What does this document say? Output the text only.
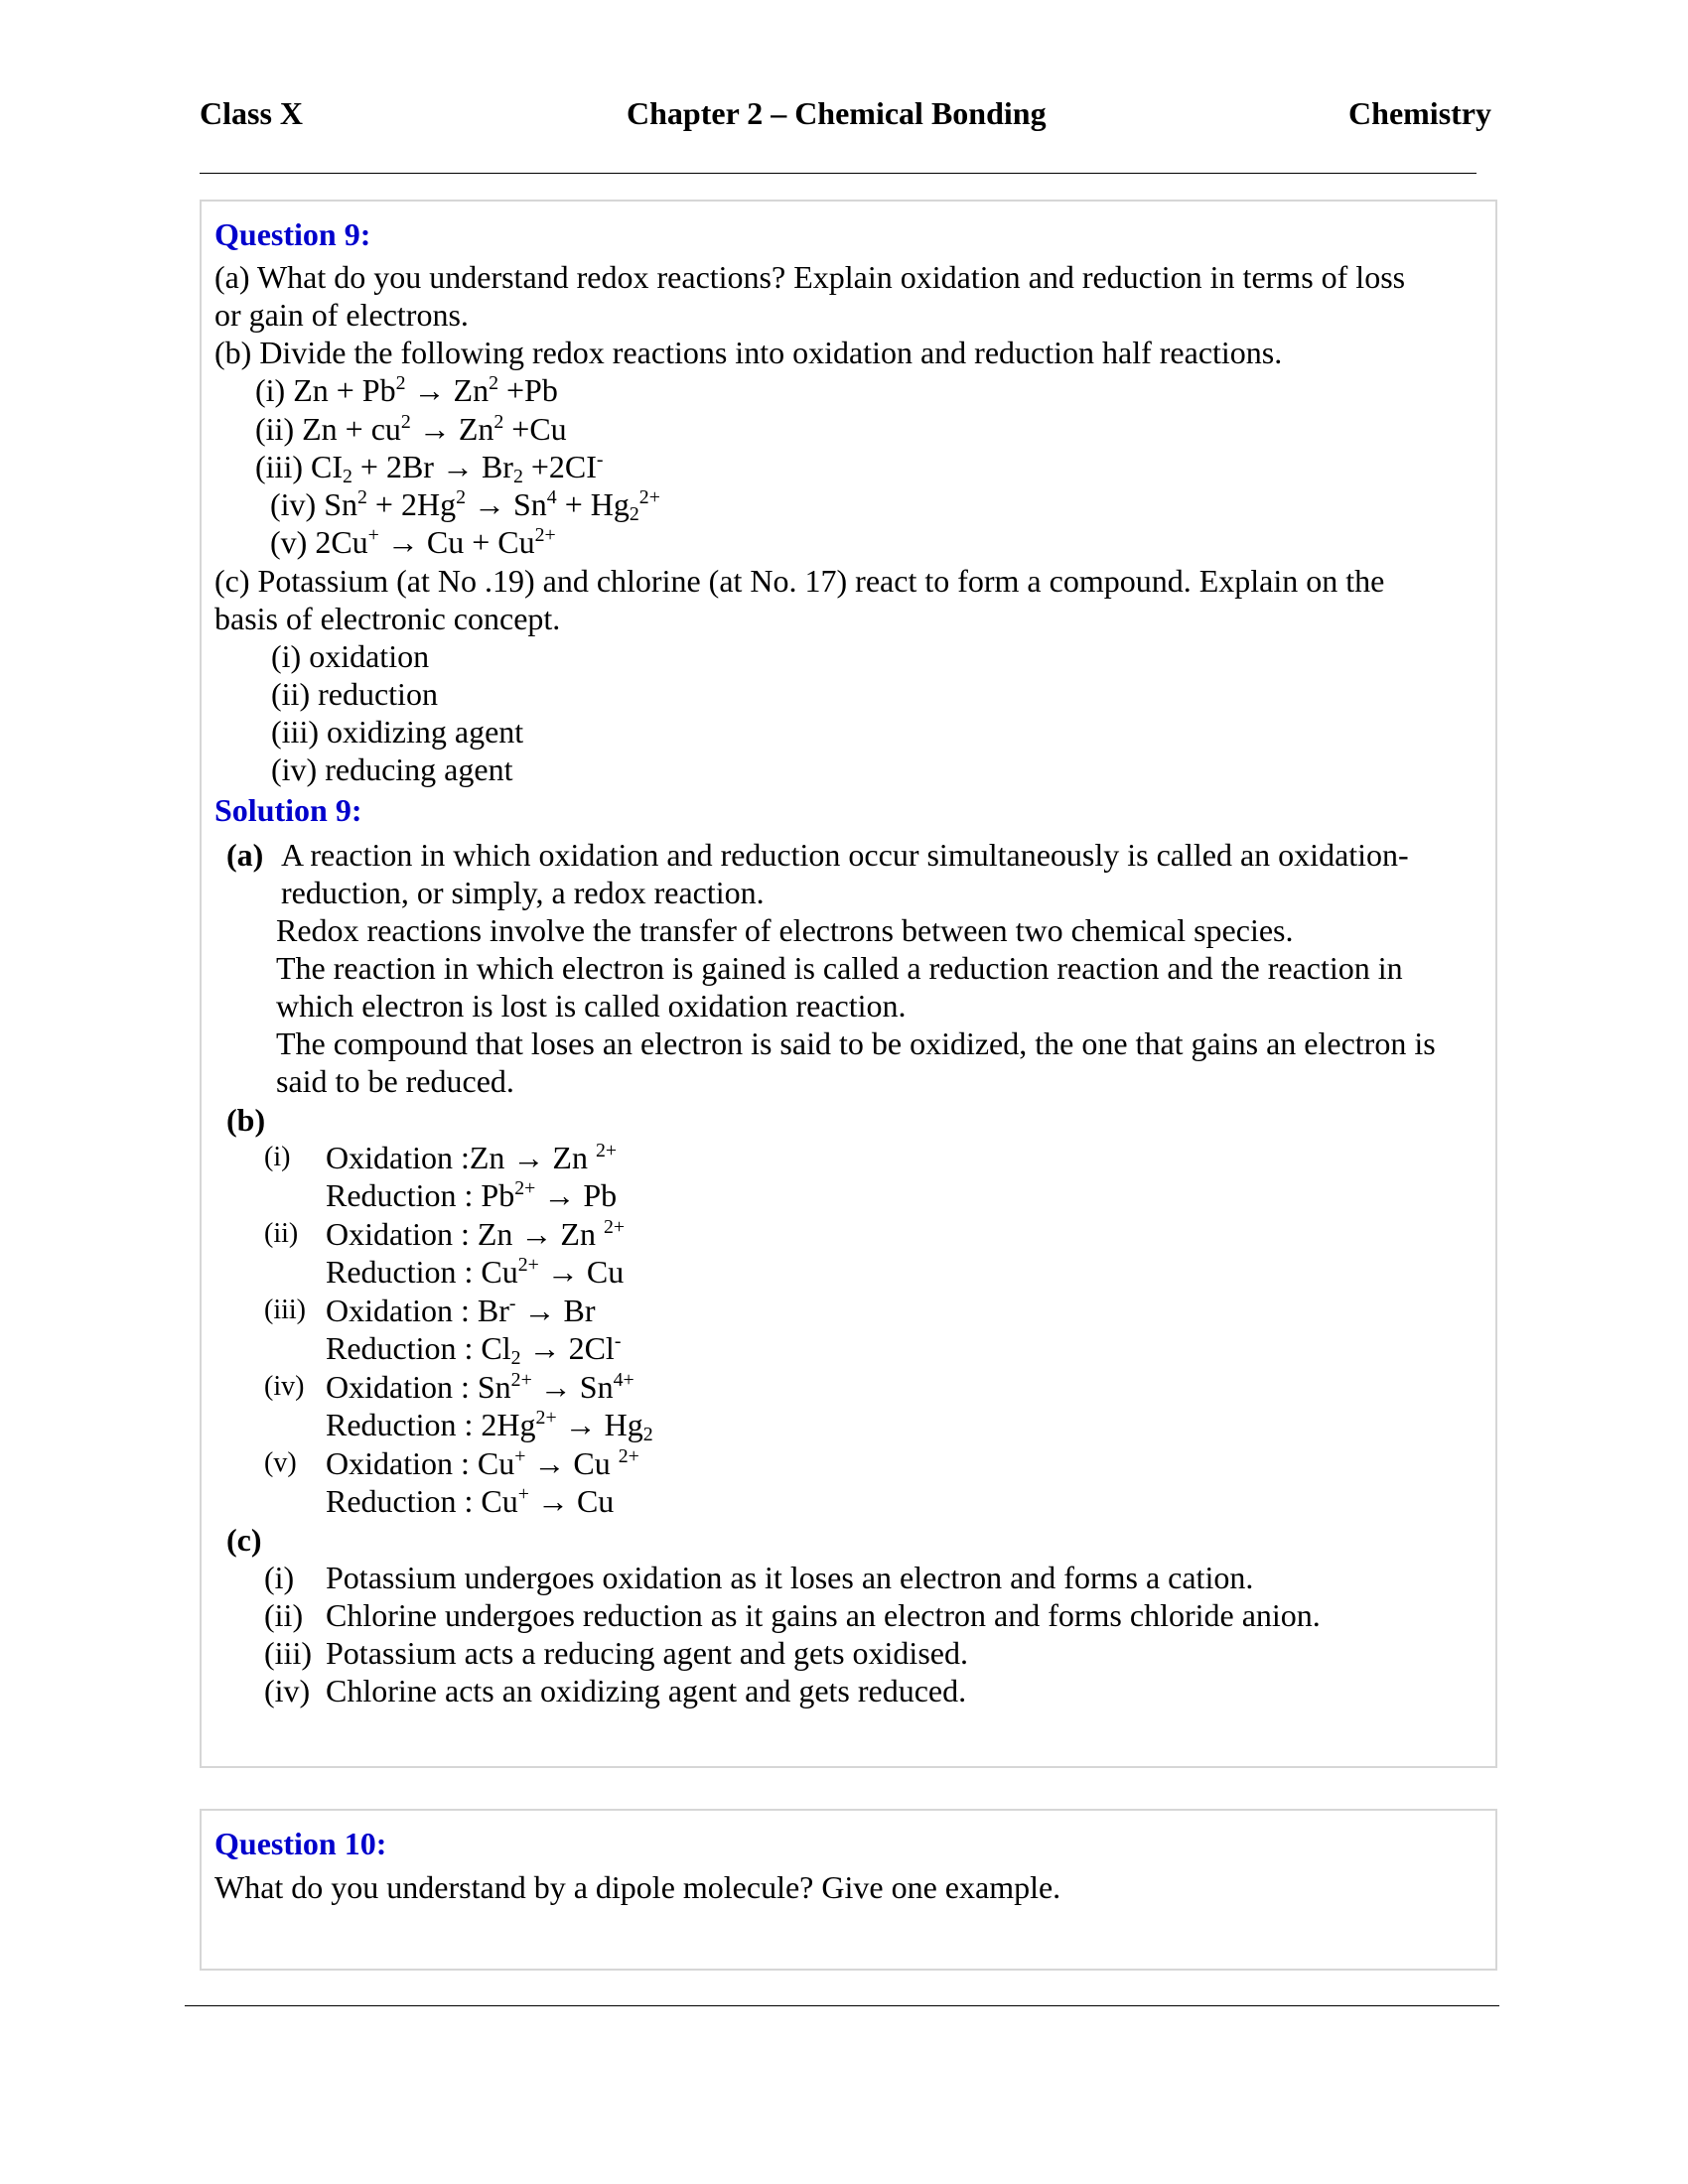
Class X	Chapter 2 – Chemical Bonding	Chemistry
Question 9:
(a) What do you understand redox reactions? Explain oxidation and reduction in terms of loss
or gain of electrons.
(b) Divide the following redox reactions into oxidation and reduction half reactions.
(i) $Zn + Pb^2 \to Zn^2 +Pb$
(ii) $Zn + cu^2 \to Zn^2 +Cu$
(iii) $CI_2 + 2Br \to Br_2 +2CI^-$
(iv) $Sn^2 + 2Hg^2 \to Sn^4 + Hg_2^{2+}$
(v) $2Cu^+ \to Cu + Cu^{2+}$
(c) Potassium (at No .19) and chlorine (at No. 17) react to form a compound. Explain on the
basis of electronic concept.
(i) oxidation
(ii) reduction
(iii) oxidizing agent
(iv) reducing agent
Solution 9:
(a) A reaction in which oxidation and reduction occur simultaneously is called an oxidation-
reduction, or simply, a redox reaction.
Redox reactions involve the transfer of electrons between two chemical species.
The reaction in which electron is gained is called a reduction reaction and the reaction in
which electron is lost is called oxidation reaction.
The compound that loses an electron is said to be oxidized, the one that gains an electron is
said to be reduced.
(b)
(i) Oxidation :Zn → Zn $^{2+}$
Reduction : $Pb^{2+} \to Pb$
(ii) Oxidation : Zn → Zn $^{2+}$
Reduction : $Cu^{2+} \to Cu$
(iii) Oxidation : Br- → Br
Reduction : $Cl_2 \to 2Cl^-$
(iv) Oxidation : $Sn^{2+} \to Sn^{4+}$
Reduction : $2Hg^{2+} \to Hg_2$
(v) Oxidation : Cu+ → Cu $^{2+}$
Reduction : Cu+ → Cu
(c)
(i) Potassium undergoes oxidation as it loses an electron and forms a cation.
(ii) Chlorine undergoes reduction as it gains an electron and forms chloride anion.
(iii) Potassium acts a reducing agent and gets oxidised.
(iv) Chlorine acts an oxidizing agent and gets reduced.
Question 10:
What do you understand by a dipole molecule? Give one example.
